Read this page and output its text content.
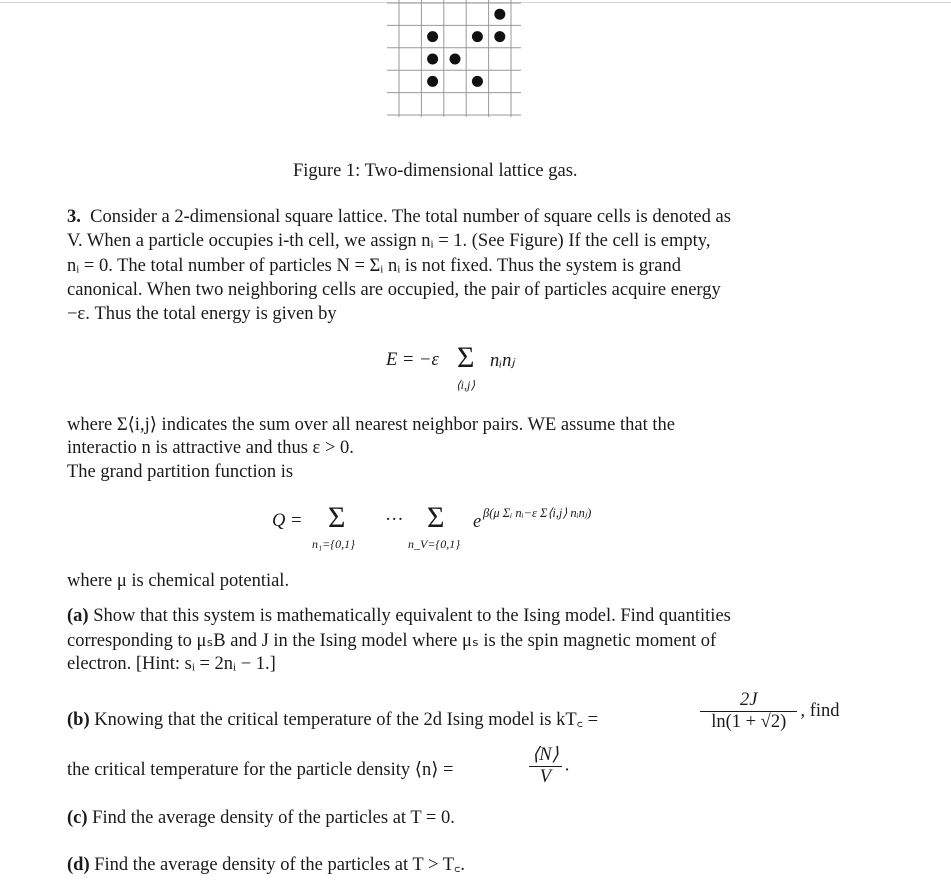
Figure 1: Two-dimensional lattice gas.
3. Consider a 2-dimensional square lattice. The total number of square cells is denoted as
V. When a particle occupies i-th cell, we assign nᵢ = 1. (See Figure) If the cell is empty,
nᵢ = 0. The total number of particles N = Σᵢ nᵢ is not fixed. Thus the system is grand
canonical. When two neighboring cells are occupied, the pair of particles acquire energy
−ε. Thus the total energy is given by
E = −ε Σ
⟨i,j⟩
nᵢnⱼ
where Σ⟨i,j⟩ indicates the sum over all nearest neighbor pairs. WE assume that the
interactio n is attractive and thus ε > 0.
The grand partition function is
Q = Σ
n₁={0,1}
··· Σ
n_V={0,1}
e β(μ Σᵢ nᵢ−ε Σ⟨i,j⟩ nᵢnⱼ)
where μ is chemical potential.
(a) Show that this system is mathematically equivalent to the Ising model. Find quantities
corresponding to μₛB and J in the Ising model where μₛ is the spin magnetic moment of
electron. [Hint: sᵢ = 2nᵢ − 1.]
(b) Knowing that the critical temperature of the 2d Ising model is kT꜀ =	$\frac{2J}{\ln(1 + √2)}$ , find
the critical temperature for the particle density ⟨n⟩ =	$\frac{⟨N⟩}{V}$ .
(c) Find the average density of the particles at T = 0.
(d) Find the average density of the particles at T > T꜀.
